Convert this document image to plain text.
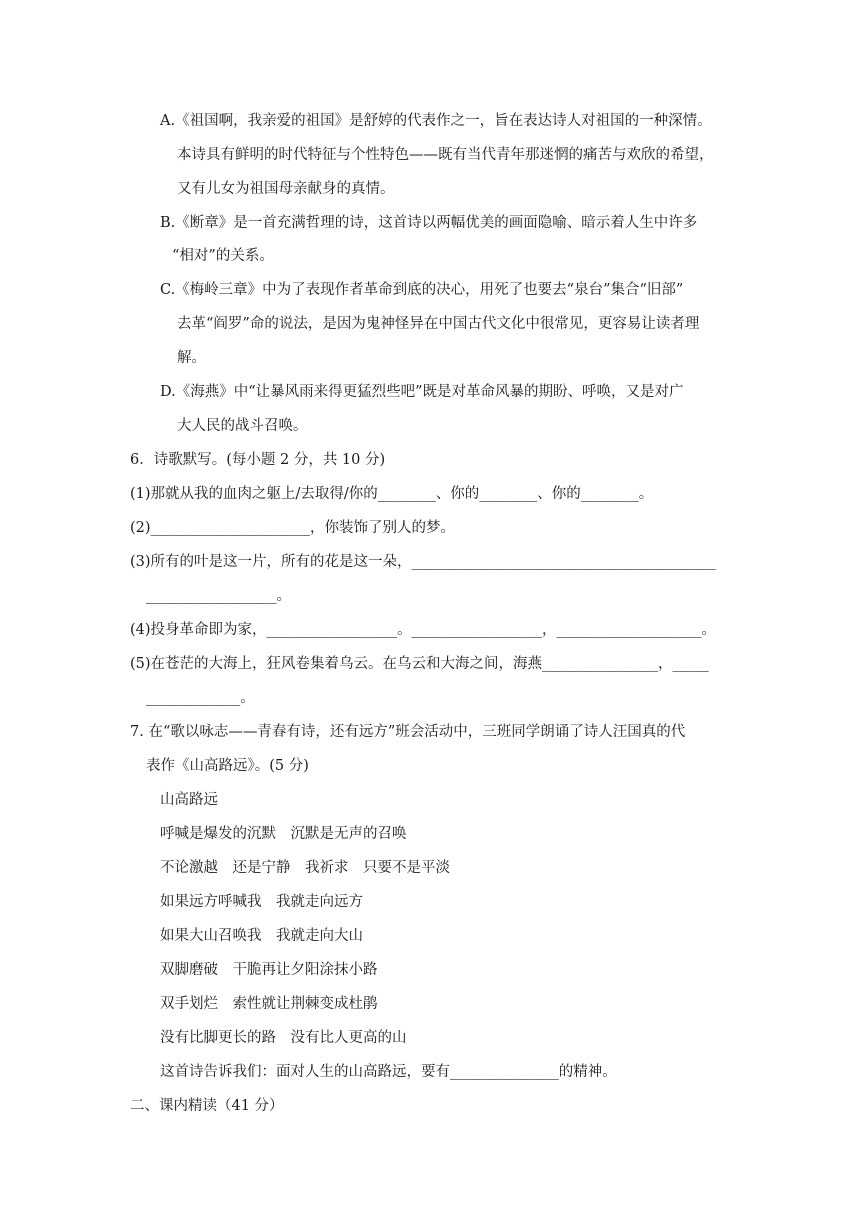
A.《祖国啊，我亲爱的祖国》是舒婷的代表作之一，旨在表达诗人对祖国的一种深情。
本诗具有鲜明的时代特征与个性特色——既有当代青年那迷惘的痛苦与欢欣的希望，
又有儿女为祖国母亲献身的真情。
B.《断章》是一首充满哲理的诗，这首诗以两幅优美的画面隐喻、暗示着人生中许多
“相对”的关系。
C.《梅岭三章》中为了表现作者革命到底的决心，用死了也要去“泉台”集合“旧部”
去革“阎罗”命的说法，是因为鬼神怪异在中国古代文化中很常见，更容易让读者理
解。
D.《海燕》中“让暴风雨来得更猛烈些吧”既是对革命风暴的期盼、呼唤，又是对广
大人民的战斗召唤。
6．诗歌默写。(每小题 2 分，共 10 分)
(1)那就从我的血肉之躯上/去取得/你的________、你的________、你的________。
(2)______________________，你装饰了别人的梦。
(3)所有的叶是这一片，所有的花是这一朵，__________________________________________
__________________。
(4)投身革命即为家，__________________。__________________，____________________。
(5)在苍茫的大海上，狂风卷集着乌云。在乌云和大海之间，海燕________________，_____
_____________。
7. 在“歌以咏志——青春有诗，还有远方”班会活动中，三班同学朗诵了诗人汪国真的代
表作《山高路远》。(5 分)
山高路远
呼喊是爆发的沉默　沉默是无声的召唤
不论激越　还是宁静　我祈求　只要不是平淡
如果远方呼喊我　我就走向远方
如果大山召唤我　我就走向大山
双脚磨破　干脆再让夕阳涂抹小路
双手划烂　索性就让荆棘变成杜鹃
没有比脚更长的路　没有比人更高的山
这首诗告诉我们：面对人生的山高路远，要有_______________的精神。
二、课内精读（41 分）
